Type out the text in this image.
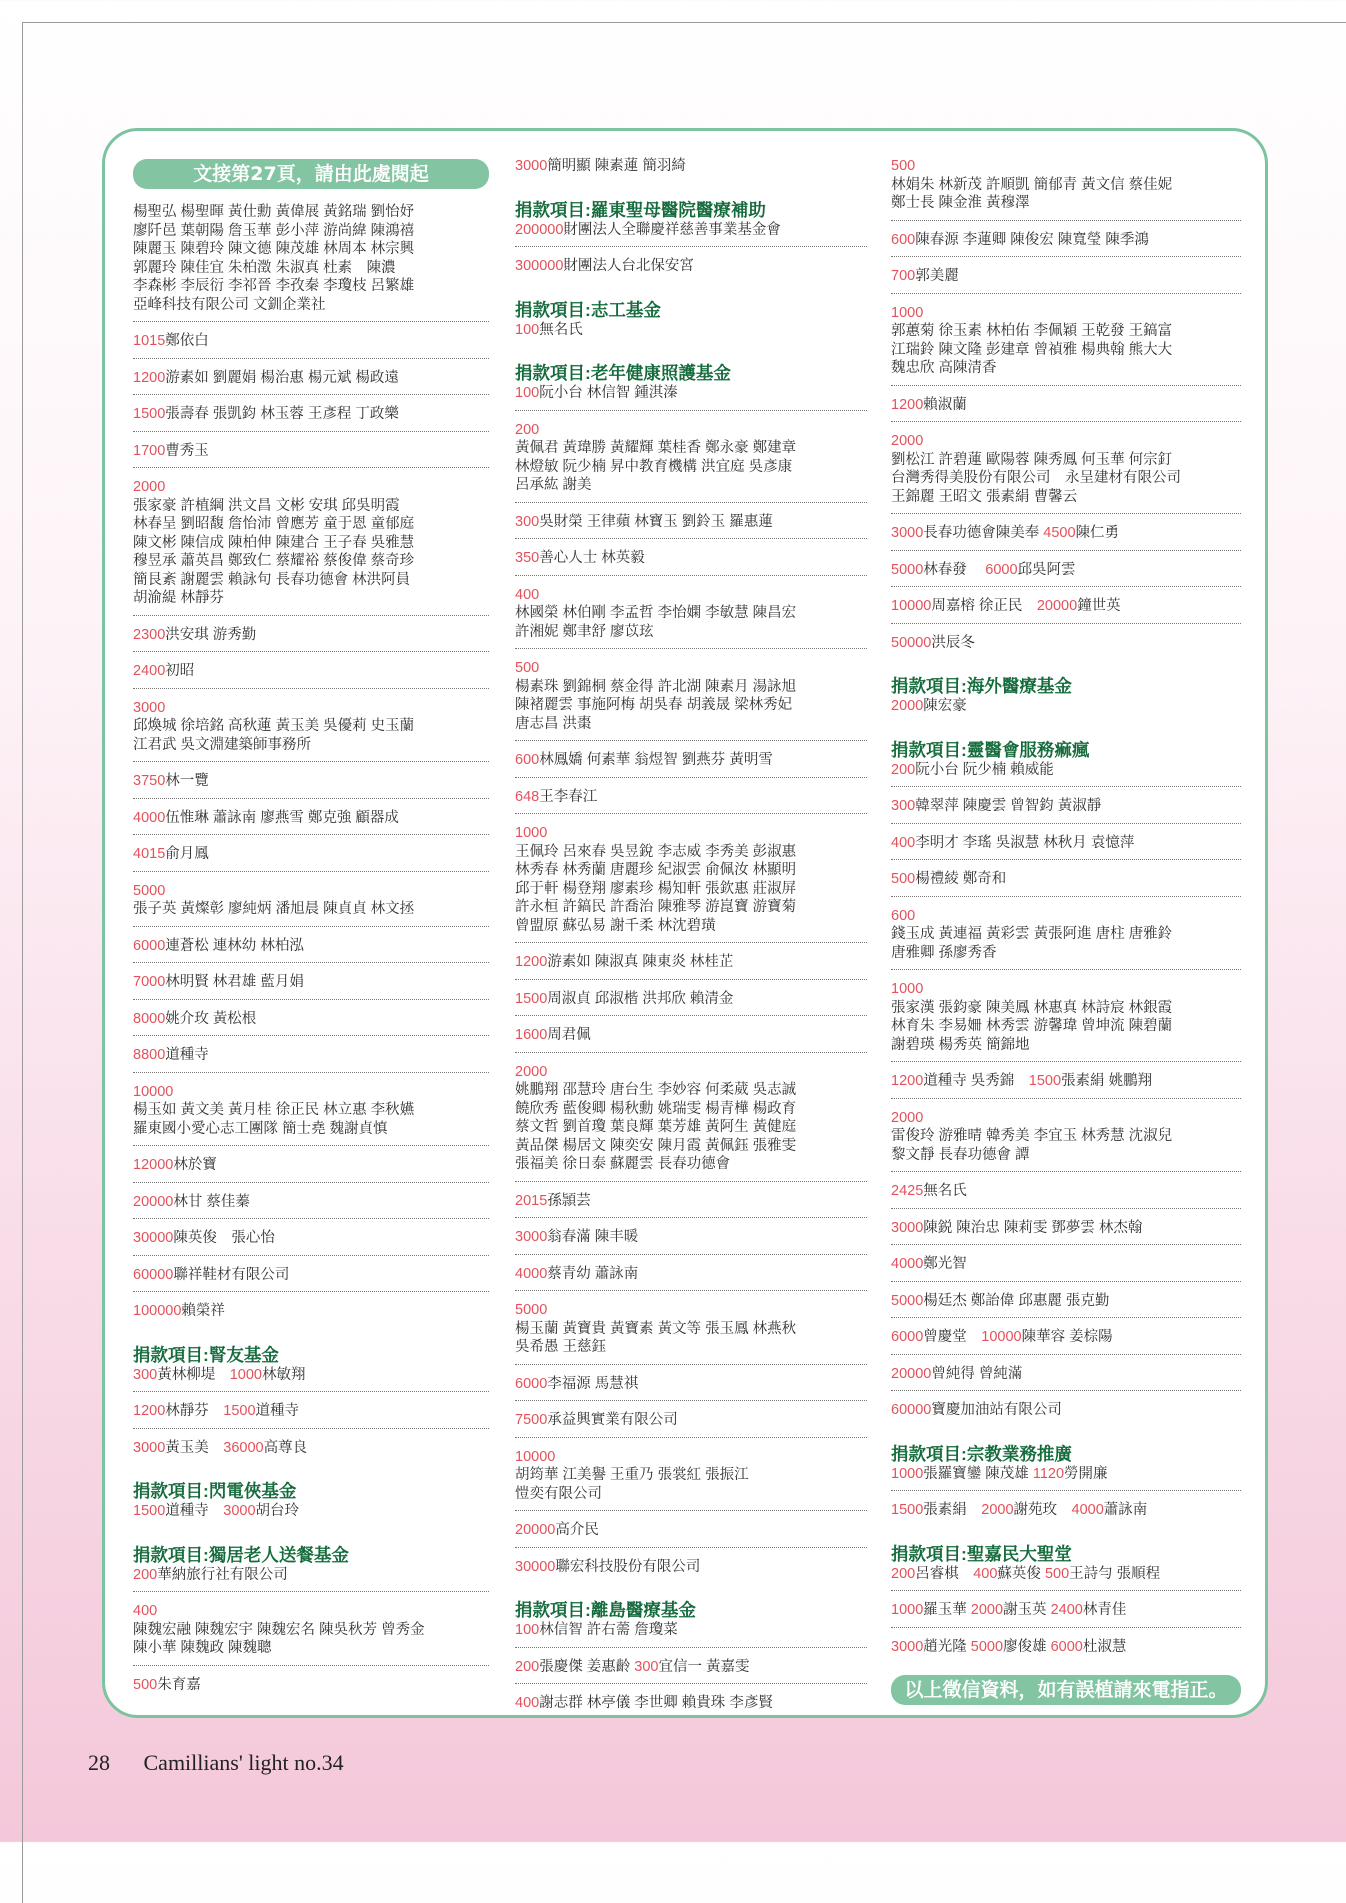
文接第27頁，請由此處閱起
楊聖弘 楊聖暉 黃仕勳 黃偉展 黃銘瑞 劉怡妤
廖阡邑 葉朝陽 詹玉華 彭小萍 游尚緯 陳鴻禧
陳麗玉 陳碧玲 陳文德 陳茂雄 林周本 林宗興
郭麗玲 陳佳宜 朱柏澂 朱淑真 杜素　陳濃
李森彬 李辰衍 李祁晉 李孜秦 李瓊枝 呂繁雄
亞峰科技有限公司 文釧企業社
1015鄭依白
1200游素如 劉麗娟 楊治惠 楊元斌 楊政遠
1500張壽春 張凱鈞 林玉蓉 王彥程 丁政樂
1700曹秀玉
2000
張家豪 許植綱 洪文昌 文彬 安琪 邱吳明霞
林春呈 劉昭馥 詹怡沛 曾應芳 童于恩 童郁庭
陳文彬 陳信成 陳柏伸 陳建合 王子春 吳雅慧
穆昱承 蕭英昌 鄭致仁 蔡耀裕 蔡俊偉 蔡奇珍
簡艮紊 謝麗雲 賴詠句 長春功德會 林洪阿員
胡渝緹 林靜芬
2300洪安琪 游秀勤
2400初昭
3000
邱煥城 徐培銘 高秋蓮 黃玉美 吳優莉 史玉蘭
江君武 吳文淵建築師事務所
3750林一覽
4000伍惟琳 蕭詠南 廖燕雪 鄭克強 顧器成
4015俞月鳳
5000
張子英 黃燦彰 廖純炳 潘旭晨 陳貞貞 林文拯
6000連蒼松 連林幼 林柏泓
7000林明賢 林君雄 藍月娟
8000姚介玫 黃松根
8800道種寺
10000
楊玉如 黃文美 黃月桂 徐正民 林立惠 李秋嬿
羅東國小愛心志工團隊 簡士堯 魏謝貞慎
12000林於寶
20000林甘 蔡佳蓁
30000陳英俊　張心怡
60000聯祥鞋材有限公司
100000賴榮祥
捐款項目:腎友基金
300黃林柳堤　1000林敏翔
1200林靜芬　1500道種寺
3000黃玉美　36000高尊良
捐款項目:閃電俠基金
1500道種寺　3000胡台玲
捐款項目:獨居老人送餐基金
200華納旅行社有限公司
400
陳魏宏融 陳魏宏宇 陳魏宏名 陳吳秋芳 曾秀金
陳小華 陳魏政 陳魏聰
500朱育嘉
3000簡明顯 陳素蓮 簡羽綺
捐款項目:羅東聖母醫院醫療補助
200000財團法人全聯慶祥慈善事業基金會
300000財團法人台北保安宮
捐款項目:志工基金
100無名氏
捐款項目:老年健康照護基金
100阮小台 林信智 鍾淇溱
200
黃佩君 黃瑋勝 黃耀輝 葉桂香 鄭永豪 鄭建章
林燈敏 阮少楠 昇中教育機構 洪宜庭 吳彥康
呂承紘 謝美
300吳財榮 王律蘋 林寶玉 劉鈴玉 羅惠蓮
350善心人士 林英毅
400
林國榮 林伯剛 李孟哲 李怡嫻 李敏慧 陳昌宏
許湘妮 鄭聿舒 廖苡玹
500
楊素珠 劉錦桐 蔡金得 許北湖 陳素月 湯詠旭
陳褚麗雲 事施阿梅 胡吳春 胡義晟 梁林秀妃
唐志昌 洪棗
600林鳳嬌 何素華 翁煜智 劉燕芬 黃明雪
648王李春江
1000
王佩玲 呂來春 吳昱銳 李志威 李秀美 彭淑惠
林秀春 林秀蘭 唐麗珍 紀淑雲 俞佩汝 林顯明
邱于軒 楊登翔 廖素珍 楊知軒 張欽惠 莊淑屏
許永桓 許鎬民 許喬治 陳雅琴 游崑寶 游寶菊
曾盟原 蘇弘易 謝千柔 林沈碧璜
1200游素如 陳淑真 陳東炎 林桂芷
1500周淑貞 邱淑楷 洪邦欣 賴清金
1600周君佩
2000
姚鵬翔 邵慧玲 唐台生 李妙容 何柔葳 吳志誠
饒欣秀 藍俊卿 楊秋勳 姚瑞雯 楊青樺 楊政育
蔡文哲 劉首瓊 葉良輝 葉芳雄 黃阿生 黃健庭
黃品傑 楊居文 陳奕安 陳月霞 黃佩鈺 張雅雯
張福美 徐日泰 蘇麗雲 長春功德會
2015孫頴芸
3000翁春滿 陳丰暖
4000蔡青幼 蕭詠南
5000
楊玉蘭 黃寶貴 黃寶素 黃文等 張玉鳳 林燕秋
吳希愚 王慈鈺
6000李福源 馬慧祺
7500承益興實業有限公司
10000
胡筠華 江美譽 王重乃 張裳紅 張振江
愷奕有限公司
20000高介民
30000聯宏科技股份有限公司
捐款項目:離島醫療基金
100林信智 許右薷 詹瓊菜
200張慶傑 姜惠齡 300宜信一 黃嘉雯
400謝志群 林亭儀 李世卿 賴貴珠 李彥賢
500
林娟朱 林新茂 許順凱 簡郁青 黃文信 蔡佳妮
鄭士長 陳金淮 黃穆澤
600陳春源 李蓮卿 陳俊宏 陳寬瑩 陳季鴻
700郭美麗
1000
郭蕙菊 徐玉素 林柏佑 李佩穎 王乾發 王鎬富
江瑞鈴 陳文隆 彭建章 曾禎雅 楊典翰 熊大大
魏忠欣 高陳清香
1200賴淑蘭
2000
劉松江 許碧蓮 歐陽蓉 陳秀鳳 何玉華 何宗釘
台灣秀得美股份有限公司　永呈建材有限公司
王錦麗 王昭文 張素絹 曹馨云
3000長春功德會陳美奉 4500陳仁勇
5000林春發　 6000邱吳阿雲
10000周嘉榕 徐正民　20000鐘世英
50000洪辰冬
捐款項目:海外醫療基金
2000陳宏豪
捐款項目:靈醫會服務痲瘋
200阮小台 阮少楠 賴威能
300韓翠萍 陳慶雲 曾智鈞 黃淑靜
400李明才 李瑤 吳淑慧 林秋月 袁憶萍
500楊禮綾 鄭奇和
600
錢玉成 黃連福 黃彩雲 黃張阿進 唐柱 唐雅鈴
唐雅卿 孫廖秀香
1000
張家漢 張鈞豪 陳美鳳 林惠真 林詩宸 林銀霞
林育朱 李易姍 林秀雲 游馨瑋 曾坤流 陳碧蘭
謝碧瑛 楊秀英 簡錦地
1200道種寺 吳秀錦　1500張素絹 姚鵬翔
2000
雷俊玲 游雅晴 韓秀美 李宜玉 林秀慧 沈淑兒
黎文靜 長春功德會 譚
2425無名氏
3000陳鋭 陳治忠 陳莉雯 鄧夢雲 林杰翰
4000鄭光智
5000楊廷杰 鄭詒偉 邱惠麗 張克勤
6000曾慶堂　10000陳華容 姜棕陽
20000曾純得 曾純滿
60000寶慶加油站有限公司
捐款項目:宗教業務推廣
1000張羅寶鑾 陳茂雄 1120勞開廉
1500張素絹　2000謝苑玫　4000蕭詠南
捐款項目:聖嘉民大聖堂
200呂睿棋　400蘇英俊 500王詩勻 張順程
1000羅玉華 2000謝玉英 2400林青佳
3000趙光隆 5000廖俊雄 6000杜淑慧
以上徵信資料，如有誤植請來電指正。
28 Camillians' light no.34
